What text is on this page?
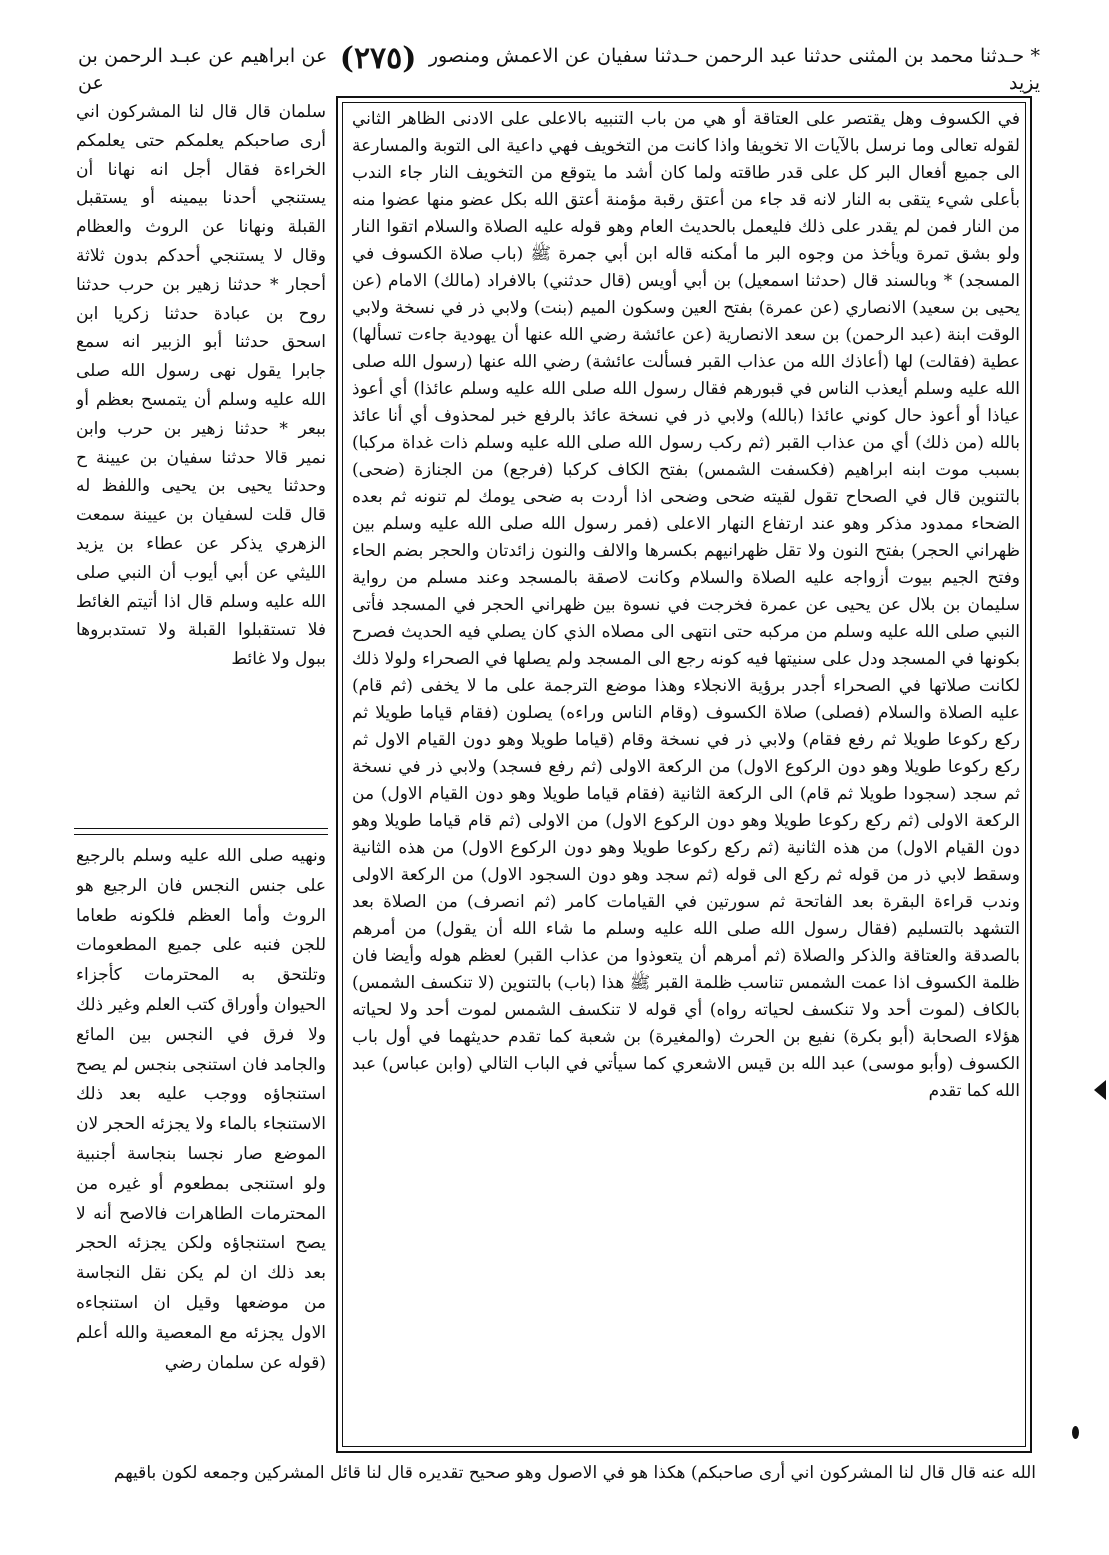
* حـدثنا محمد بن المثنى حدثنا عبد الرحمن حـدثنا سفيان عن الاعمش ومنصور (٢٧٥) عن ابراهيم عن عبـد الرحمن بن يزيد عن
في الكسوف وهل يقتصر على العتاقة أو هي من باب التنبيه بالاعلى على الادنى الظاهر الثاني لقوله تعالى وما نرسل بالآيات الا تخويفا واذا كانت من التخويف فهي داعية الى التوبة والمسارعة الى جميع أفعال البر كل على قدر طاقته ولما كان أشد ما يتوقع من التخويف النار جاء الندب بأعلى شيء يتقى به النار لانه قد جاء من أعتق رقبة مؤمنة أعتق الله بكل عضو منها عضوا منه من النار فمن لم يقدر على ذلك فليعمل بالحديث العام وهو قوله عليه الصلاة والسلام اتقوا النار ولو بشق تمرة ويأخذ من وجوه البر ما أمكنه قاله ابن أبي جمرة ﷺ (باب صلاة الكسوف في المسجد) * وبالسند قال (حدثنا اسمعيل) بن أبي أويس (قال حدثني) بالافراد (مالك) الامام (عن يحيى بن سعيد) الانصاري (عن عمرة) بفتح العين وسكون الميم (بنت) ولابي ذر في نسخة ولابي الوقت ابنة (عبد الرحمن) بن سعد الانصارية (عن عائشة رضي الله عنها أن يهودية جاءت تسألها) عطية (فقالت) لها (أعاذك الله من عذاب القبر فسألت عائشة) رضي الله عنها (رسول الله صلى الله عليه وسلم أيعذب الناس في قبورهم فقال رسول الله صلى الله عليه وسلم عائذا) أي أعوذ عياذا أو أعوذ حال كوني عائذا (بالله) ولابي ذر في نسخة عائذ بالرفع خبر لمحذوف أي أنا عائذ بالله (من ذلك) أي من عذاب القبر (ثم ركب رسول الله صلى الله عليه وسلم ذات غداة مركبا) بسبب موت ابنه ابراهيم (فكسفت الشمس) بفتح الكاف كركبا (فرجع) من الجنازة (ضحى) بالتنوين قال في الصحاح تقول لقيته ضحى وضحى اذا أردت به ضحى يومك لم تنونه ثم بعده الضحاء ممدود مذكر وهو عند ارتفاع النهار الاعلى (فمر رسول الله صلى الله عليه وسلم بين ظهراني الحجر) بفتح النون ولا تقل ظهرانيهم بكسرها والالف والنون زائدتان والحجر بضم الحاء وفتح الجيم بيوت أزواجه عليه الصلاة والسلام وكانت لاصقة بالمسجد وعند مسلم من رواية سليمان بن بلال عن يحيى عن عمرة فخرجت في نسوة بين ظهراني الحجر في المسجد فأتى النبي صلى الله عليه وسلم من مركبه حتى انتهى الى مصلاه الذي كان يصلي فيه الحديث فصرح بكونها في المسجد ودل على سنيتها فيه كونه رجع الى المسجد ولم يصلها في الصحراء ولولا ذلك لكانت صلاتها في الصحراء أجدر برؤية الانجلاء وهذا موضع الترجمة على ما لا يخفى (ثم قام) عليه الصلاة والسلام (فصلى) صلاة الكسوف (وقام الناس وراءه) يصلون (فقام قياما طويلا ثم ركع ركوعا طويلا ثم رفع فقام) ولابي ذر في نسخة وقام (قياما طويلا وهو دون القيام الاول ثم ركع ركوعا طويلا وهو دون الركوع الاول) من الركعة الاولى (ثم رفع فسجد) ولابي ذر في نسخة ثم سجد (سجودا طويلا ثم قام) الى الركعة الثانية (فقام قياما طويلا وهو دون القيام الاول) من الركعة الاولى (ثم ركع ركوعا طويلا وهو دون الركوع الاول) من الاولى (ثم قام قياما طويلا وهو دون القيام الاول) من هذه الثانية (ثم ركع ركوعا طويلا وهو دون الركوع الاول) من هذه الثانية وسقط لابي ذر من قوله ثم ركع الى قوله (ثم سجد وهو دون السجود الاول) من الركعة الاولى وندب قراءة البقرة بعد الفاتحة ثم سورتين في القيامات كامر (ثم انصرف) من الصلاة بعد التشهد بالتسليم (فقال رسول الله صلى الله عليه وسلم ما شاء الله أن يقول) من أمرهم بالصدقة والعتاقة والذكر والصلاة (ثم أمرهم أن يتعوذوا من عذاب القبر) لعظم هوله وأيضا فان ظلمة الكسوف اذا عمت الشمس تناسب ظلمة القبر ﷺ هذا (باب) بالتنوين (لا تنكسف الشمس) بالكاف (لموت أحد ولا تنكسف لحياته رواه) أي قوله لا تنكسف الشمس لموت أحد ولا لحياته هؤلاء الصحابة (أبو بكرة) نفيع بن الحرث (والمغيرة) بن شعبة كما تقدم حديثهما في أول باب الكسوف (وأبو موسى) عبد الله بن قيس الاشعري كما سيأتي في الباب التالي (وابن عباس) عبد الله كما تقدم
سلمان قال قال لنا المشركون اني أرى صاحبكم يعلمكم حتى يعلمكم الخراءة فقال أجل انه نهانا أن يستنجي أحدنا بيمينه أو يستقبل القبلة ونهانا عن الروث والعظام وقال لا يستنجي أحدكم بدون ثلاثة أحجار * حدثنا زهير بن حرب حدثنا روح بن عبادة حدثنا زكريا ابن اسحق حدثنا أبو الزبير انه سمع جابرا يقول نهى رسول الله صلى الله عليه وسلم أن يتمسح بعظم أو ببعر * حدثنا زهير بن حرب وابن نمير قالا حدثنا سفيان بن عيينة ح وحدثنا يحيى بن يحيى واللفظ له قال قلت لسفيان بن عيينة سمعت الزهري يذكر عن عطاء بن يزيد الليثي عن أبي أيوب أن النبي صلى الله عليه وسلم قال اذا أتيتم الغائط فلا تستقبلوا القبلة ولا تستدبروها ببول ولا غائط
ونهيه صلى الله عليه وسلم بالرجيع على جنس النجس فان الرجيع هو الروث وأما العظم فلكونه طعاما للجن فنبه على جميع المطعومات وتلتحق به المحترمات كأجزاء الحيوان وأوراق كتب العلم وغير ذلك ولا فرق في النجس بين المائع والجامد فان استنجى بنجس لم يصح استنجاؤه ووجب عليه بعد ذلك الاستنجاء بالماء ولا يجزئه الحجر لان الموضع صار نجسا بنجاسة أجنبية ولو استنجى بمطعوم أو غيره من المحترمات الطاهرات فالاصح أنه لا يصح استنجاؤه ولكن يجزئه الحجر بعد ذلك ان لم يكن نقل النجاسة من موضعها وقيل ان استنجاءه الاول يجزئه مع المعصية والله أعلم (قوله عن سلمان رضي
الله عنه قال قال لنا المشركون اني أرى صاحبكم) هكذا هو في الاصول وهو صحيح تقديره قال لنا قائل المشركين وجمعه لكون باقيهم
